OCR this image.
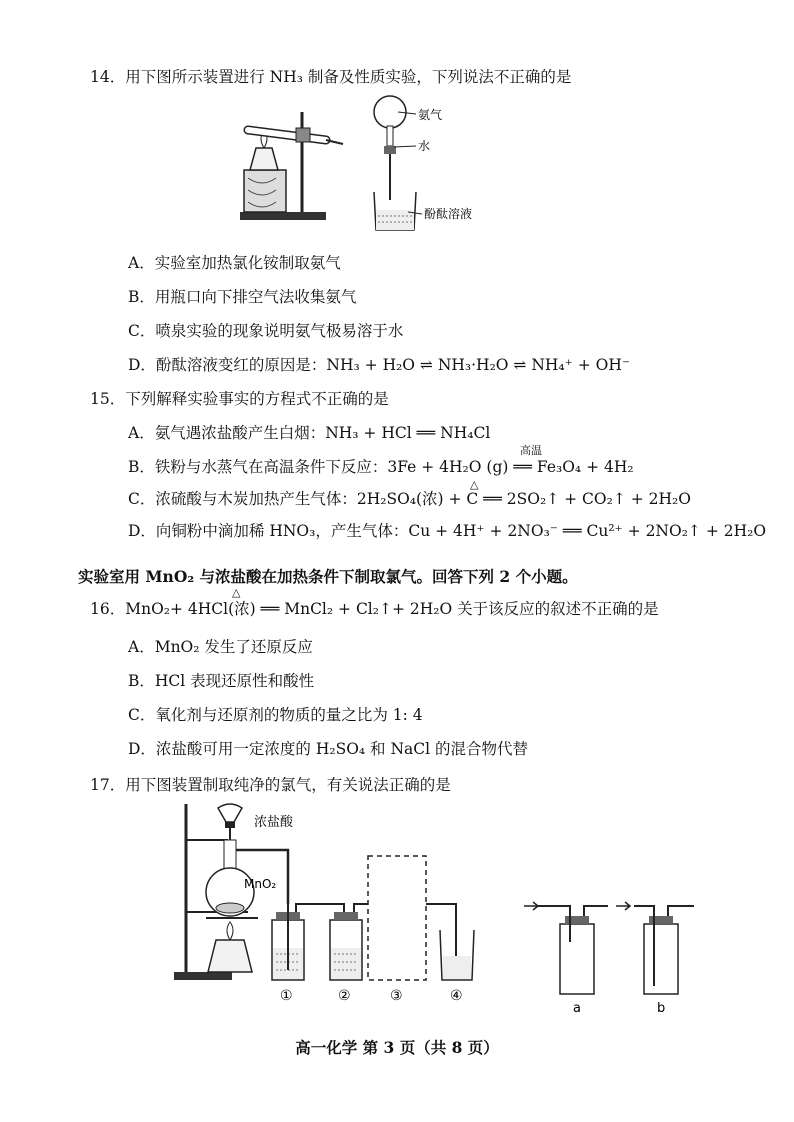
14．用下图所示装置进行 NH₃ 制备及性质实验，下列说法不正确的是
氨气
水
酚酞溶液
A．实验室加热氯化铵制取氨气
B．用瓶口向下排空气法收集氨气
C．喷泉实验的现象说明氨气极易溶于水
D．酚酞溶液变红的原因是：NH₃ + H₂O ⇌ NH₃·H₂O ⇌ NH₄⁺ + OH⁻
15．下列解释实验事实的方程式不正确的是
A．氨气遇浓盐酸产生白烟：NH₃ + HCl ══ NH₄Cl
高温
B．铁粉与水蒸气在高温条件下反应：3Fe + 4H₂O (g) ══ Fe₃O₄ + 4H₂
△
C．浓硫酸与木炭加热产生气体：2H₂SO₄(浓) + C ══ 2SO₂↑ + CO₂↑ + 2H₂O
D．向铜粉中滴加稀 HNO₃，产生气体：Cu + 4H⁺ + 2NO₃⁻ ══ Cu²⁺ + 2NO₂↑ + 2H₂O
实验室用 MnO₂ 与浓盐酸在加热条件下制取氯气。回答下列 2 个小题。
△
16．MnO₂+ 4HCl(浓) ══ MnCl₂ + Cl₂↑+ 2H₂O 关于该反应的叙述不正确的是
A．MnO₂ 发生了还原反应
B．HCl 表现还原性和酸性
C．氧化剂与还原剂的物质的量之比为 1: 4
D．浓盐酸可用一定浓度的 H₂SO₄ 和 NaCl 的混合物代替
17．用下图装置制取纯净的氯气，有关说法正确的是
浓盐酸
MnO₂
①	②	③	④
a	b
高一化学 第 3 页（共 8 页）
